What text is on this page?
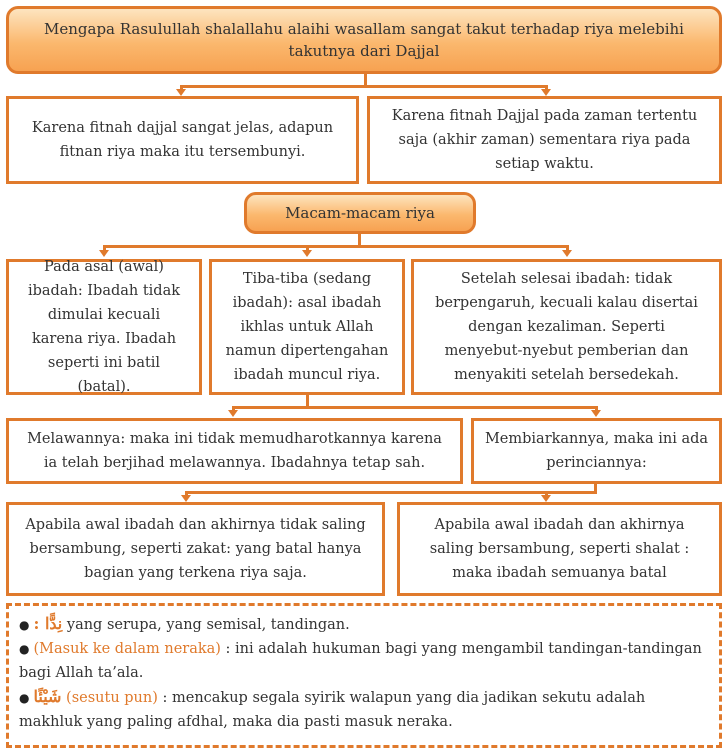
Mengapa Rasulullah shalallahu alaihi wasallam sangat takut terhadap riya melebihi takutnya dari Dajjal
Karena fitnah dajjal sangat jelas, adapun fitnan riya maka itu tersembunyi.
Karena fitnah Dajjal pada zaman tertentu saja (akhir zaman) sementara riya pada setiap waktu.
Macam-macam riya
Pada asal (awal) ibadah: Ibadah tidak dimulai kecuali karena riya. Ibadah seperti ini batil (batal).
Tiba-tiba (sedang ibadah): asal ibadah ikhlas untuk Allah namun dipertengahan ibadah muncul riya.
Setelah selesai ibadah: tidak berpengaruh, kecuali kalau disertai dengan kezaliman. Seperti menyebut-nyebut pemberian dan menyakiti setelah bersedekah.
Melawannya: maka ini tidak memudharotkannya karena ia telah berjihad melawannya. Ibadahnya tetap sah.
Membiarkannya, maka ini ada perinciannya:
Apabila awal ibadah dan akhirnya tidak saling bersambung, seperti zakat: yang batal hanya bagian yang terkena riya saja.
Apabila awal ibadah dan akhirnya saling bersambung, seperti shalat : maka ibadah semuanya batal
● نِدًّا : yang serupa, yang semisal, tandingan.
● (Masuk ke dalam neraka) : ini adalah hukuman bagi yang mengambil tandingan-tandingan bagi Allah ta’ala.
● شَيْئًا (sesutu pun) : mencakup segala syirik walapun yang dia jadikan sekutu adalah makhluk yang paling afdhal, maka dia pasti masuk neraka.
